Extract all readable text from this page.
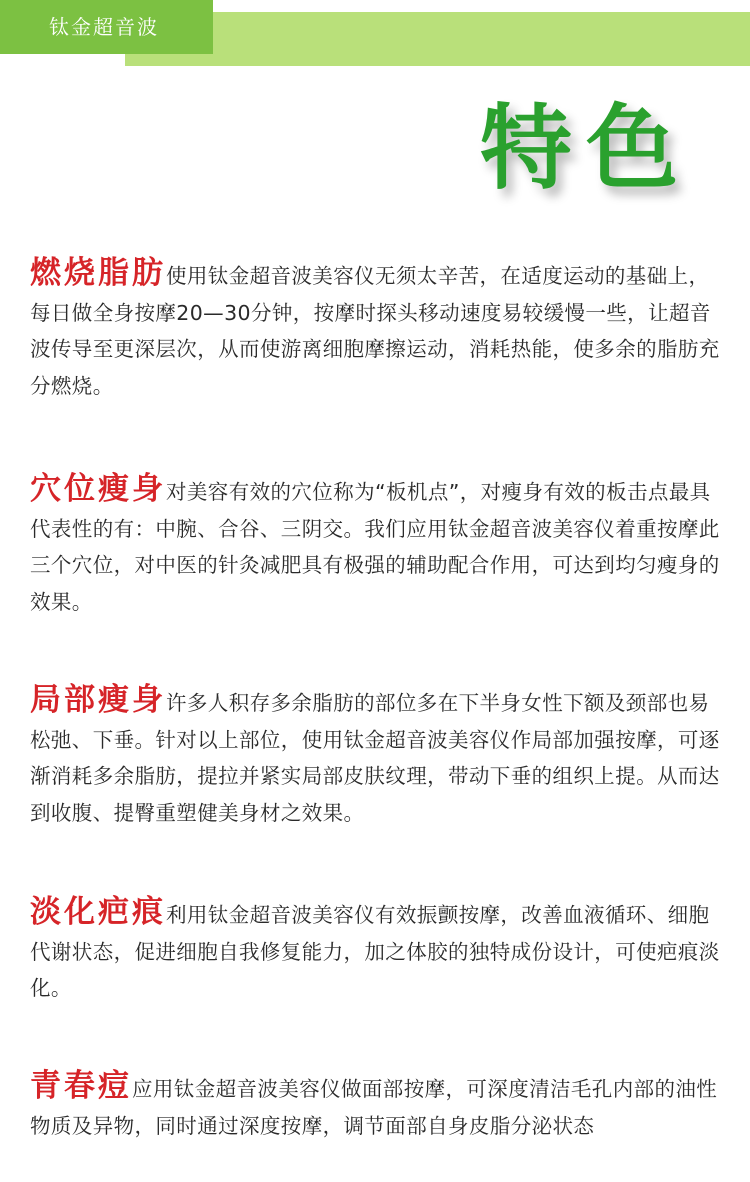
钛金超音波
特色
燃烧脂肪使用钛金超音波美容仪无须太辛苦，在适度运动的基础上，每日做全身按摩20—30分钟，按摩时探头移动速度易较缓慢一些，让超音波传导至更深层次，从而使游离细胞摩擦运动，消耗热能，使多余的脂肪充分燃烧。
穴位瘦身对美容有效的穴位称为“板机点”，对瘦身有效的板击点最具代表性的有：中腕、合谷、三阴交。我们应用钛金超音波美容仪着重按摩此三个穴位，对中医的针灸减肥具有极强的辅助配合作用，可达到均匀瘦身的效果。
局部瘦身许多人积存多余脂肪的部位多在下半身女性下额及颈部也易松弛、下垂。针对以上部位，使用钛金超音波美容仪作局部加强按摩，可逐渐消耗多余脂肪，提拉并紧实局部皮肤纹理，带动下垂的组织上提。从而达到收腹、提臀重塑健美身材之效果。
淡化疤痕利用钛金超音波美容仪有效振颤按摩，改善血液循环、细胞代谢状态，促进细胞自我修复能力，加之体胶的独特成份设计，可使疤痕淡化。
青春痘应用钛金超音波美容仪做面部按摩，可深度清洁毛孔内部的油性物质及异物，同时通过深度按摩，调节面部自身皮脂分泌状态
